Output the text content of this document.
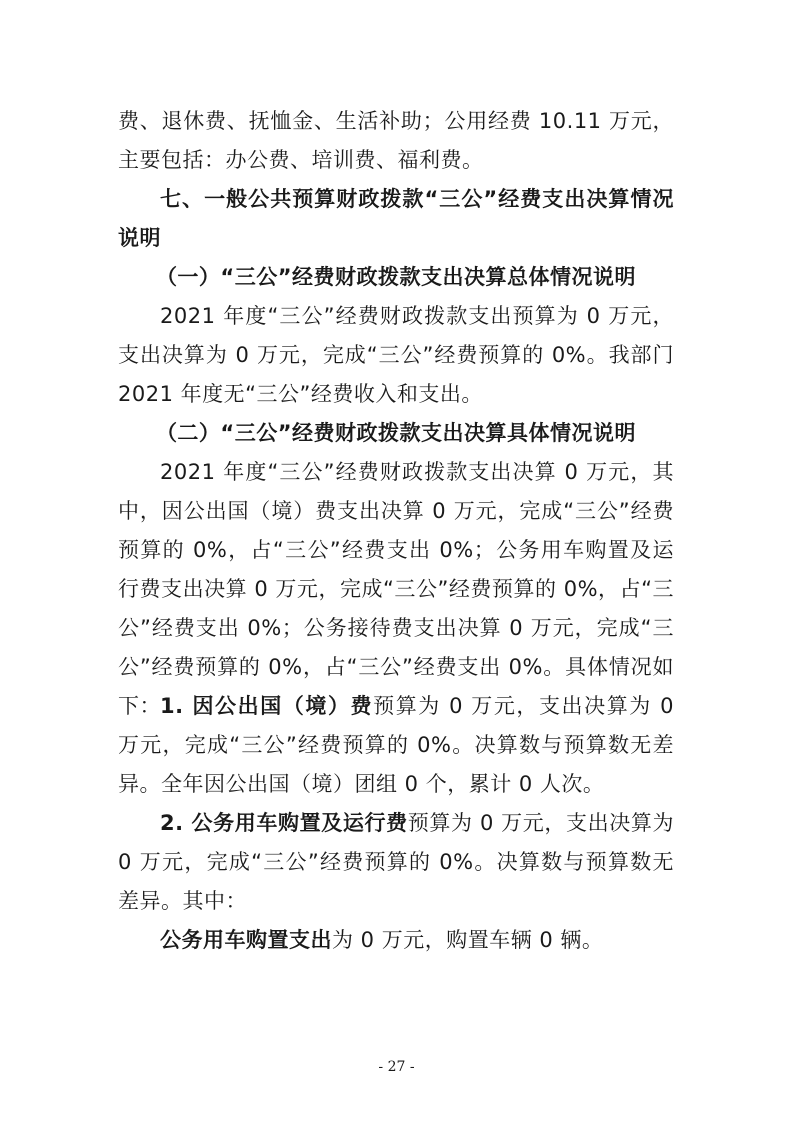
费、退休费、抚恤金、生活补助；公用经费 10.11 万元，主要包括：办公费、培训费、福利费。

七、一般公共预算财政拨款“三公”经费支出决算情况说明

（一）“三公”经费财政拨款支出决算总体情况说明

2021 年度“三公”经费财政拨款支出预算为 0 万元，支出决算为 0 万元，完成“三公”经费预算的 0%。我部门 2021 年度无“三公”经费收入和支出。

（二）“三公”经费财政拨款支出决算具体情况说明

2021 年度“三公”经费财政拨款支出决算 0 万元，其中，因公出国（境）费支出决算 0 万元，完成“三公”经费预算的 0%，占“三公”经费支出 0%；公务用车购置及运行费支出决算 0 万元，完成“三公”经费预算的 0%，占“三公”经费支出 0%；公务接待费支出决算 0 万元，完成“三公”经费预算的 0%，占“三公”经费支出 0%。具体情况如下： 1. 因公出国（境）费预算为 0 万元，支出决算为 0 万元，完成“三公”经费预算的 0%。决算数与预算数无差异。全年因公出国（境）团组 0 个，累计 0 人次。

2. 公务用车购置及运行费预算为 0 万元，支出决算为 0 万元，完成“三公”经费预算的 0%。决算数与预算数无差异。其中：

公务用车购置支出为 0 万元，购置车辆 0 辆。

- 27 -
